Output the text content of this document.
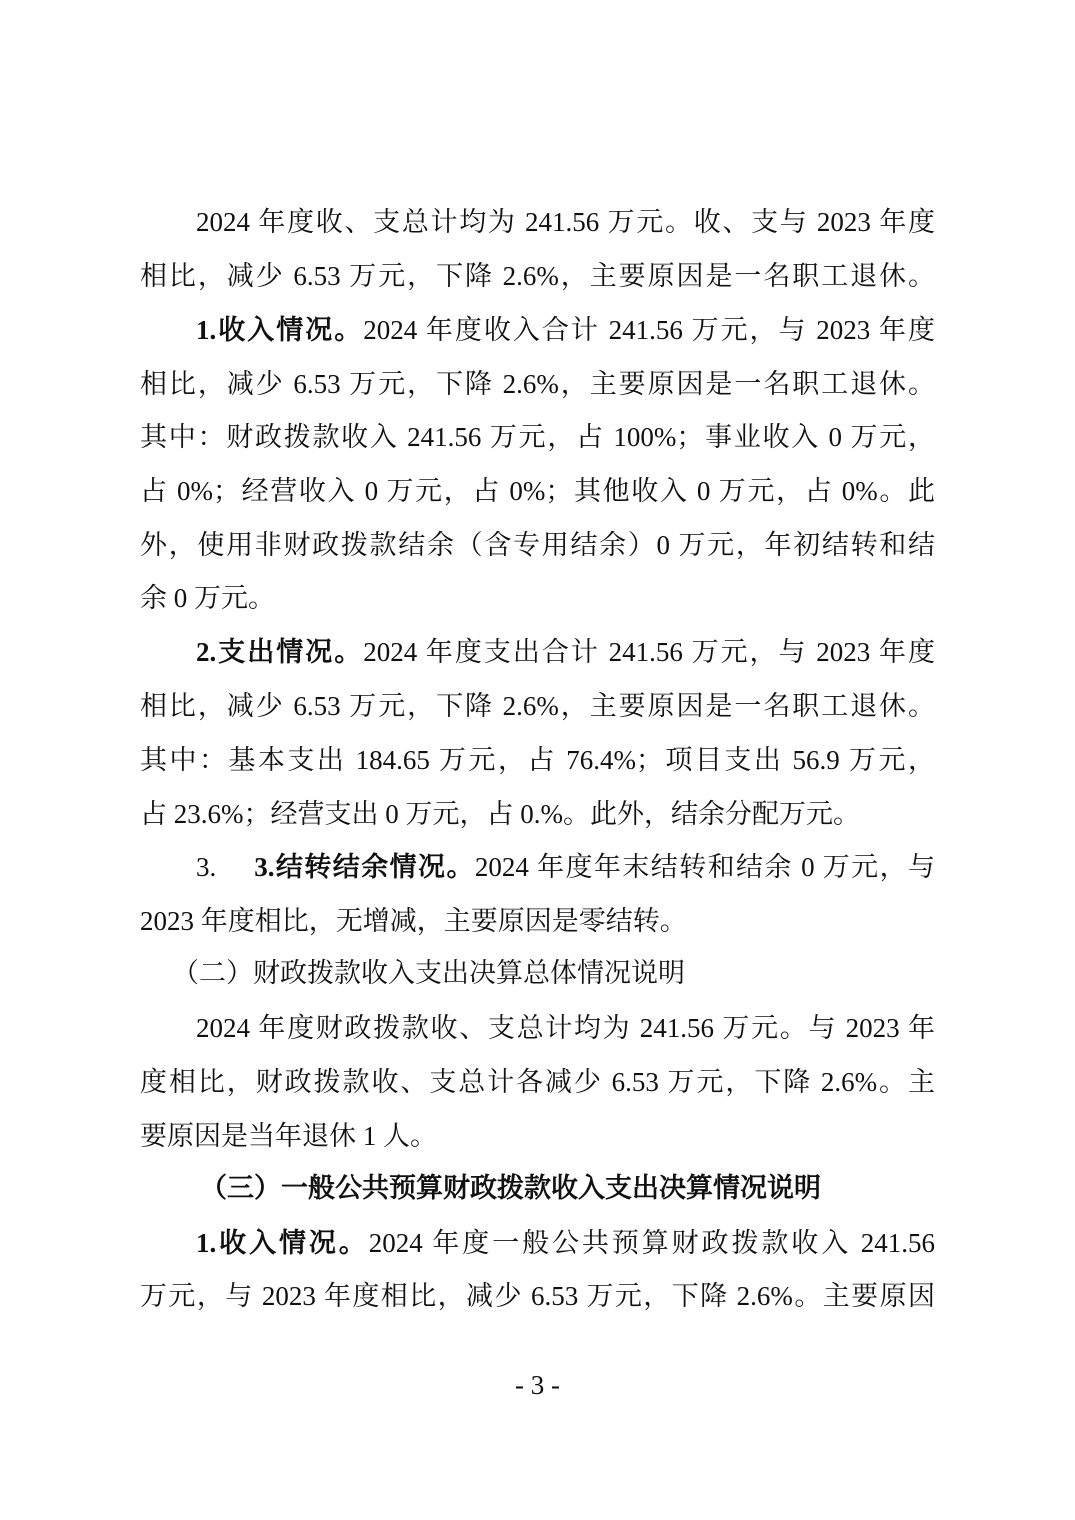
2024 年度收、支总计均为 241.56 万元。收、支与 2023 年度
相比，减少 6.53 万元，下降 2.6%，主要原因是一名职工退休。
1.收入情况。2024 年度收入合计 241.56 万元，与 2023 年度
相比，减少 6.53 万元，下降 2.6%，主要原因是一名职工退休。
其中：财政拨款收入 241.56 万元，占 100%；事业收入 0 万元，
占 0%；经营收入 0 万元，占 0%；其他收入 0 万元，占 0%。此
外，使用非财政拨款结余（含专用结余）0 万元，年初结转和结
余 0 万元。
2.支出情况。2024 年度支出合计 241.56 万元，与 2023 年度
相比，减少 6.53 万元，下降 2.6%，主要原因是一名职工退休。
其中：基本支出 184.65 万元，占 76.4%；项目支出 56.9 万元，
占 23.6%；经营支出 0 万元，占 0.%。此外，结余分配万元。
3. 3.结转结余情况。2024 年度年末结转和结余 0 万元，与
2023 年度相比，无增减，主要原因是零结转。
（二）财政拨款收入支出决算总体情况说明
2024 年度财政拨款收、支总计均为 241.56 万元。与 2023 年
度相比，财政拨款收、支总计各减少 6.53 万元，下降 2.6%。主
要原因是当年退休 1 人。
（三）一般公共预算财政拨款收入支出决算情况说明
1.收入情况。2024 年度一般公共预算财政拨款收入 241.56
万元，与 2023 年度相比，减少 6.53 万元，下降 2.6%。主要原因
- 3 -
